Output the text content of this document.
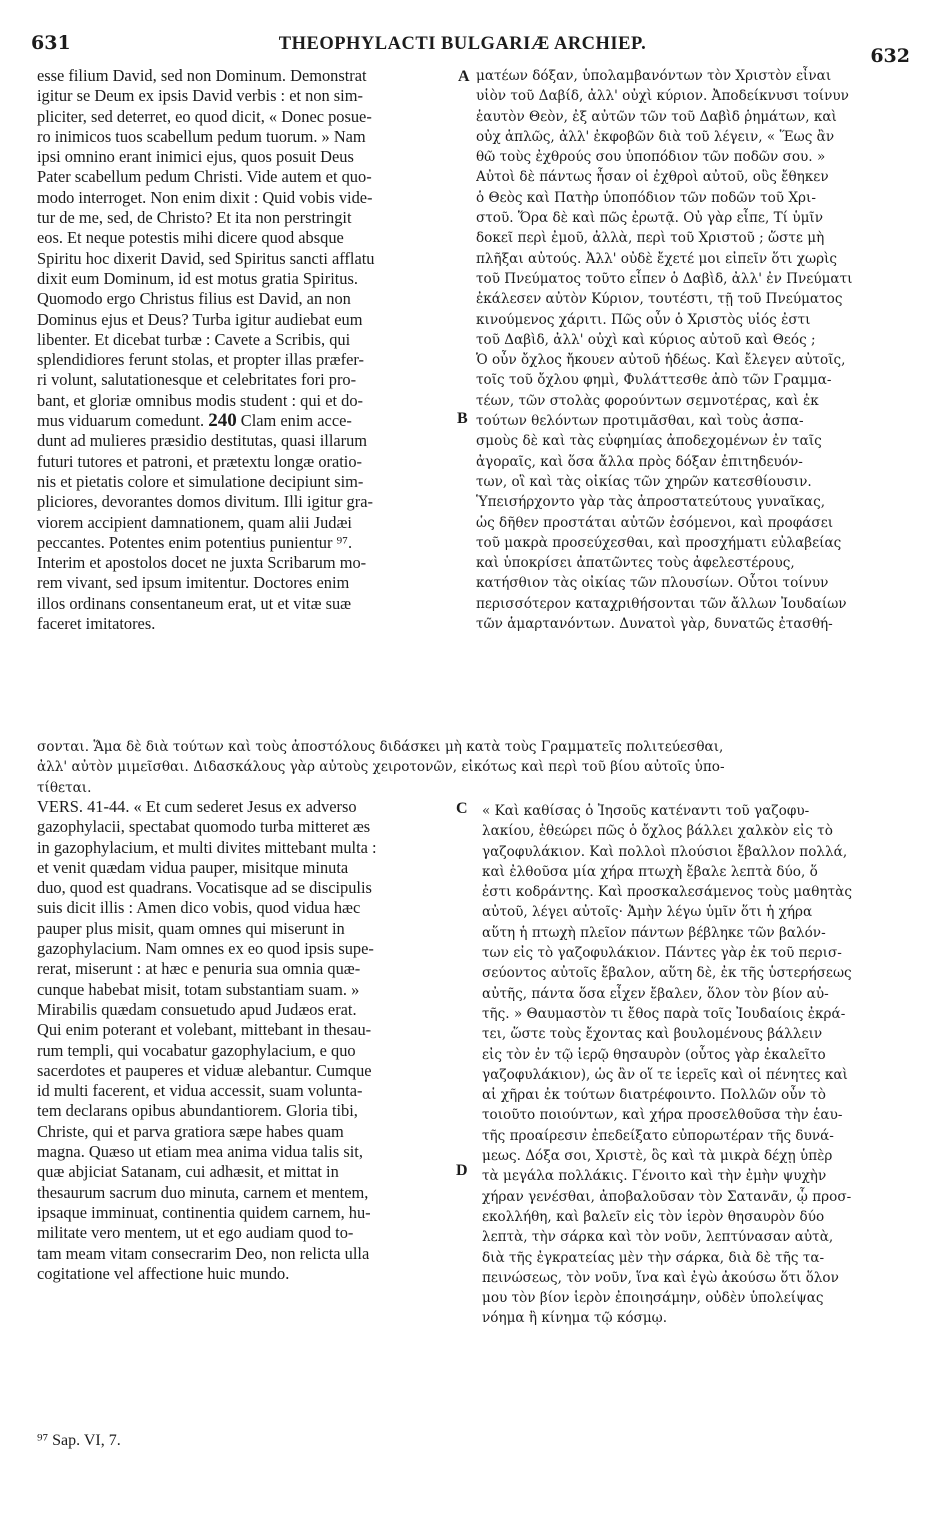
631	THEOPHYLACTI BULGARIÆ ARCHIEP.
632
esse filium David, sed non Dominum. Demonstrat
igitur se Deum ex ipsis David verbis : et non sim-
pliciter, sed deterret, eo quod dicit, « Donec posue-
ro inimicos tuos scabellum pedum tuorum. » Nam
ipsi omnino erant inimici ejus, quos posuit Deus
Pater scabellum pedum Christi. Vide autem et quo-
modo interroget. Non enim dixit : Quid vobis vide-
tur de me, sed, de Christo? Et ita non perstringit
eos. Et neque potestis mihi dicere quod absque
Spiritu hoc dixerit David, sed Spiritus sancti afflatu
dixit eum Dominum, id est motus gratia Spiritus.
Quomodo ergo Christus filius est David, an non
Dominus ejus et Deus? Turba igitur audiebat eum
libenter. Et dicebat turbæ : Cavete a Scribis, qui
splendidiores ferunt stolas, et propter illas præfer-
ri volunt, salutationesque et celebritates fori pro-
bant, et gloriæ omnibus modis student : qui et do-
mus viduarum comedunt. 240 Clam enim acce-
dunt ad mulieres præsidio destitutas, quasi illarum
futuri tutores et patroni, et prætextu longæ oratio-
nis et pietatis colore et simulatione decipiunt sim-
pliciores, devorantes domos divitum. Illi igitur gra-
viorem accipient damnationem, quam alii Judæi
peccantes. Potentes enim potentius punientur ⁹⁷.
Interim et apostolos docet ne juxta Scribarum mo-
rem vivant, sed ipsum imitentur. Doctores enim
illos ordinans consentaneum erat, ut et vitæ suæ
faceret imitatores.
ματέων δόξαν, ὑπολαμβανόντων τὸν Χριστὸν εἶναι
υἱὸν τοῦ Δαβίδ, ἀλλ' οὐχὶ κύριον. Ἀποδείκνυσι τοίνυν
ἑαυτὸν Θεὸν, ἐξ αὐτῶν τῶν τοῦ Δαβὶδ ῥημάτων, καὶ
οὐχ ἁπλῶς, ἀλλ' ἐκφοβῶν διὰ τοῦ λέγειν, « Ἕως ἂν
θῶ τοὺς ἐχθρούς σου ὑποπόδιον τῶν ποδῶν σου. »
Αὐτοὶ δὲ πάντως ἦσαν οἱ ἐχθροὶ αὐτοῦ, οὓς ἔθηκεν
ὁ Θεὸς καὶ Πατὴρ ὑποπόδιον τῶν ποδῶν τοῦ Χρι-
στοῦ. Ὅρα δὲ καὶ πῶς ἐρωτᾷ. Οὐ γὰρ εἶπε, Τί ὑμῖν
δοκεῖ περὶ ἐμοῦ, ἀλλὰ, περὶ τοῦ Χριστοῦ ; ὥστε μὴ
πλῆξαι αὐτούς. Ἀλλ' οὐδὲ ἔχετέ μοι εἰπεῖν ὅτι χωρὶς
τοῦ Πνεύματος τοῦτο εἶπεν ὁ Δαβὶδ, ἀλλ' ἐν Πνεύματι
ἐκάλεσεν αὐτὸν Κύριον, τουτέστι, τῇ τοῦ Πνεύματος
κινούμενος χάριτι. Πῶς οὖν ὁ Χριστὸς υἱός ἐστι
τοῦ Δαβὶδ, ἀλλ' οὐχὶ καὶ κύριος αὐτοῦ καὶ Θεός ;
Ὁ οὖν ὄχλος ἤκουεν αὐτοῦ ἡδέως. Καὶ ἔλεγεν αὐτοῖς,
τοῖς τοῦ ὄχλου φημὶ, Φυλάττεσθε ἀπὸ τῶν Γραμμα-
τέων, τῶν στολὰς φορούντων σεμνοτέρας, καὶ ἐκ
τούτων θελόντων προτιμᾶσθαι, καὶ τοὺς ἀσπα-
σμοὺς δὲ καὶ τὰς εὐφημίας ἀποδεχομένων ἐν ταῖς
ἀγοραῖς, καὶ ὅσα ἄλλα πρὸς δόξαν ἐπιτηδευόν-
των, οἳ καὶ τὰς οἰκίας τῶν χηρῶν κατεσθίουσιν.
Ὑπεισήρχοντο γὰρ τὰς ἀπροστατεύτους γυναῖκας,
ὡς δῆθεν προστάται αὐτῶν ἐσόμενοι, καὶ προφάσει
τοῦ μακρὰ προσεύχεσθαι, καὶ προσχήματι εὐλαβείας
καὶ ὑποκρίσει ἀπατῶντες τοὺς ἀφελεστέρους,
κατήσθιον τὰς οἰκίας τῶν πλουσίων. Οὗτοι τοίνυν
περισσότερον καταχριθήσονται τῶν ἄλλων Ἰουδαίων
τῶν ἁμαρτανόντων. Δυνατοὶ γὰρ, δυνατῶς ἐτασθή-
σονται. Ἅμα δὲ διὰ τούτων καὶ τοὺς ἀποστόλους διδάσκει μὴ κατὰ τοὺς Γραμματεῖς πολιτεύεσθαι,
ἀλλ' αὐτὸν μιμεῖσθαι. Διδασκάλους γὰρ αὐτοὺς χειροτονῶν, εἰκότως καὶ περὶ τοῦ βίου αὐτοῖς ὑπο-
τίθεται.
A
B
VERS. 41-44. « Et cum sederet Jesus ex adverso
gazophylacii, spectabat quomodo turba mitteret æs
in gazophylacium, et multi divites mittebant multa :
et venit quædam vidua pauper, misitque minuta
duo, quod est quadrans. Vocatisque ad se discipulis
suis dicit illis : Amen dico vobis, quod vidua hæc
pauper plus misit, quam omnes qui miserunt in
gazophylacium. Nam omnes ex eo quod ipsis supe-
rerat, miserunt : at hæc e penuria sua omnia quæ-
cunque habebat misit, totam substantiam suam. »
Mirabilis quædam consuetudo apud Judæos erat.
Qui enim poterant et volebant, mittebant in thesau-
rum templi, qui vocabatur gazophylacium, e quo
sacerdotes et pauperes et viduæ alebantur. Cumque
id multi facerent, et vidua accessit, suam volunta-
tem declarans opibus abundantiorem. Gloria tibi,
Christe, qui et parva gratiora sæpe habes quam
magna. Quæso ut etiam mea anima vidua talis sit,
quæ abjiciat Satanam, cui adhæsit, et mittat in
thesaurum sacrum duo minuta, carnem et mentem,
ipsaque imminuat, continentia quidem carnem, hu-
militate vero mentem, ut et ego audiam quod to-
tam meam vitam consecrarim Deo, non relicta ulla
cogitatione vel affectione huic mundo.
« Καὶ καθίσας ὁ Ἰησοῦς κατέναντι τοῦ γαζοφυ-
λακίου, ἐθεώρει πῶς ὁ ὄχλος βάλλει χαλκὸν εἰς τὸ
γαζοφυλάκιον. Καὶ πολλοὶ πλούσιοι ἔβαλλον πολλά,
καὶ ἐλθοῦσα μία χήρα πτωχὴ ἔβαλε λεπτὰ δύο, ὅ
ἐστι κοδράντης. Καὶ προσκαλεσάμενος τοὺς μαθητὰς
αὐτοῦ, λέγει αὐτοῖς· Ἀμὴν λέγω ὑμῖν ὅτι ἡ χήρα
αὕτη ἡ πτωχὴ πλεῖον πάντων βέβληκε τῶν βαλόν-
των εἰς τὸ γαζοφυλάκιον. Πάντες γὰρ ἐκ τοῦ περισ-
σεύοντος αὐτοῖς ἔβαλον, αὕτη δὲ, ἐκ τῆς ὑστερήσεως
αὐτῆς, πάντα ὅσα εἶχεν ἔβαλεν, ὅλον τὸν βίον αὐ-
τῆς. » Θαυμαστὸν τι ἔθος παρὰ τοῖς Ἰουδαίοις ἐκρά-
τει, ὥστε τοὺς ἔχοντας καὶ βουλομένους βάλλειν
εἰς τὸν ἐν τῷ ἱερῷ θησαυρὸν (οὗτος γὰρ ἐκαλεῖτο
γαζοφυλάκιον), ὡς ἂν οἵ τε ἱερεῖς καὶ οἱ πένητες καὶ
αἱ χῆραι ἐκ τούτων διατρέφοιντο. Πολλῶν οὖν τὸ
τοιοῦτο ποιούντων, καὶ χήρα προσελθοῦσα τὴν ἑαυ-
τῆς προαίρεσιν ἐπεδείξατο εὐπορωτέραν τῆς δυνά-
μεως. Δόξα σοι, Χριστὲ, ὃς καὶ τὰ μικρὰ δέχῃ ὑπὲρ
τὰ μεγάλα πολλάκις. Γένοιτο καὶ τὴν ἐμὴν ψυχὴν
χήραν γενέσθαι, ἀποβαλοῦσαν τὸν Σατανᾶν, ᾧ προσ-
εκολλήθη, καὶ βαλεῖν εἰς τὸν ἱερὸν θησαυρὸν δύο
λεπτὰ, τὴν σάρκα καὶ τὸν νοῦν, λεπτύνασαν αὐτὰ,
διὰ τῆς ἐγκρατείας μὲν τὴν σάρκα, διὰ δὲ τῆς τα-
πεινώσεως, τὸν νοῦν, ἵνα καὶ ἐγὼ ἀκούσω ὅτι ὅλον
μου τὸν βίον ἱερὸν ἐποιησάμην, οὐδὲν ὑπολείψας
νόημα ἢ κίνημα τῷ κόσμῳ.
C
D
⁹⁷ Sap. VI, 7.
